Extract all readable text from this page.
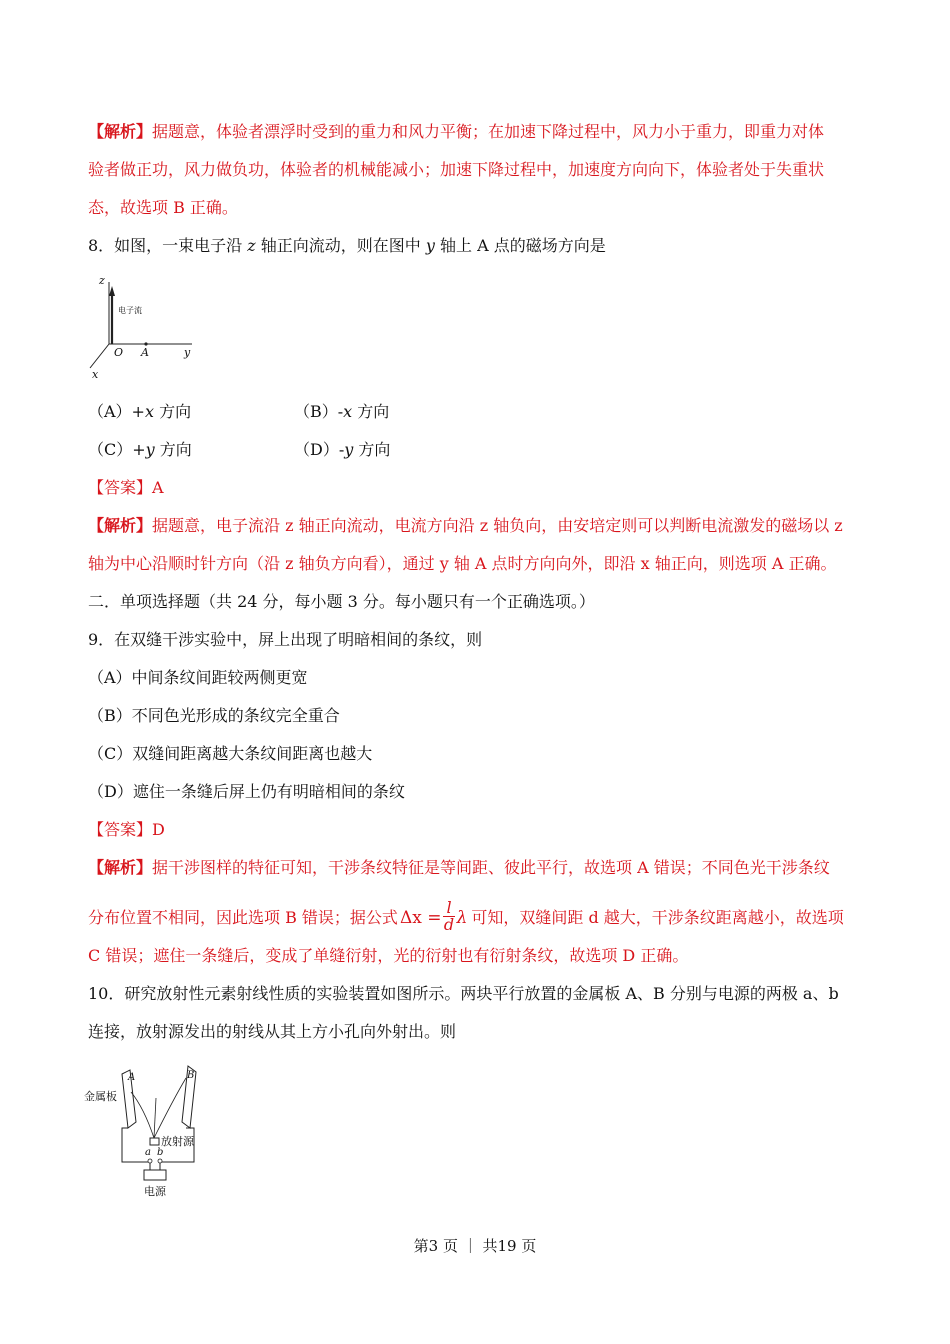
【解析】据题意，体验者漂浮时受到的重力和风力平衡；在加速下降过程中，风力小于重力，即重力对体
验者做正功，风力做负功，体验者的机械能减小；加速下降过程中，加速度方向向下，体验者处于失重状
态，故选项 B 正确。
8．如图，一束电子沿 z 轴正向流动，则在图中 y 轴上 A 点的磁场方向是
z
电子流
O A	y
x
（A）+x 方向	（B）-x 方向
（C）+y 方向	（D）-y 方向
【答案】A
【解析】据题意，电子流沿 z 轴正向流动，电流方向沿 z 轴负向，由安培定则可以判断电流激发的磁场以 z
轴为中心沿顺时针方向（沿 z 轴负方向看），通过 y 轴 A 点时方向向外，即沿 x 轴正向，则选项 A 正确。
二．单项选择题（共 24 分，每小题 3 分。每小题只有一个正确选项。）
9．在双缝干涉实验中，屏上出现了明暗相间的条纹，则
（A）中间条纹间距较两侧更宽
（B）不同色光形成的条纹完全重合
（C）双缝间距离越大条纹间距离也越大
（D）遮住一条缝后屏上仍有明暗相间的条纹
【答案】D
【解析】据干涉图样的特征可知，干涉条纹特征是等间距、彼此平行，故选项 A 错误；不同色光干涉条纹
分布位置不相同，因此选项 B 错误；据公式 $\Delta x = \frac{l}{d}$ λ 可知，双缝间距 d 越大，干涉条纹距离越小，故选项
C 错误；遮住一条缝后，变成了单缝衍射，光的衍射也有衍射条纹，故选项 D 正确。
10．研究放射性元素射线性质的实验装置如图所示。两块平行放置的金属板 A、B 分别与电源的两极 a、b
连接，放射源发出的射线从其上方小孔向外射出。则
金属板
A	B
放射源
a b
电源
第3 页 ｜ 共19 页
